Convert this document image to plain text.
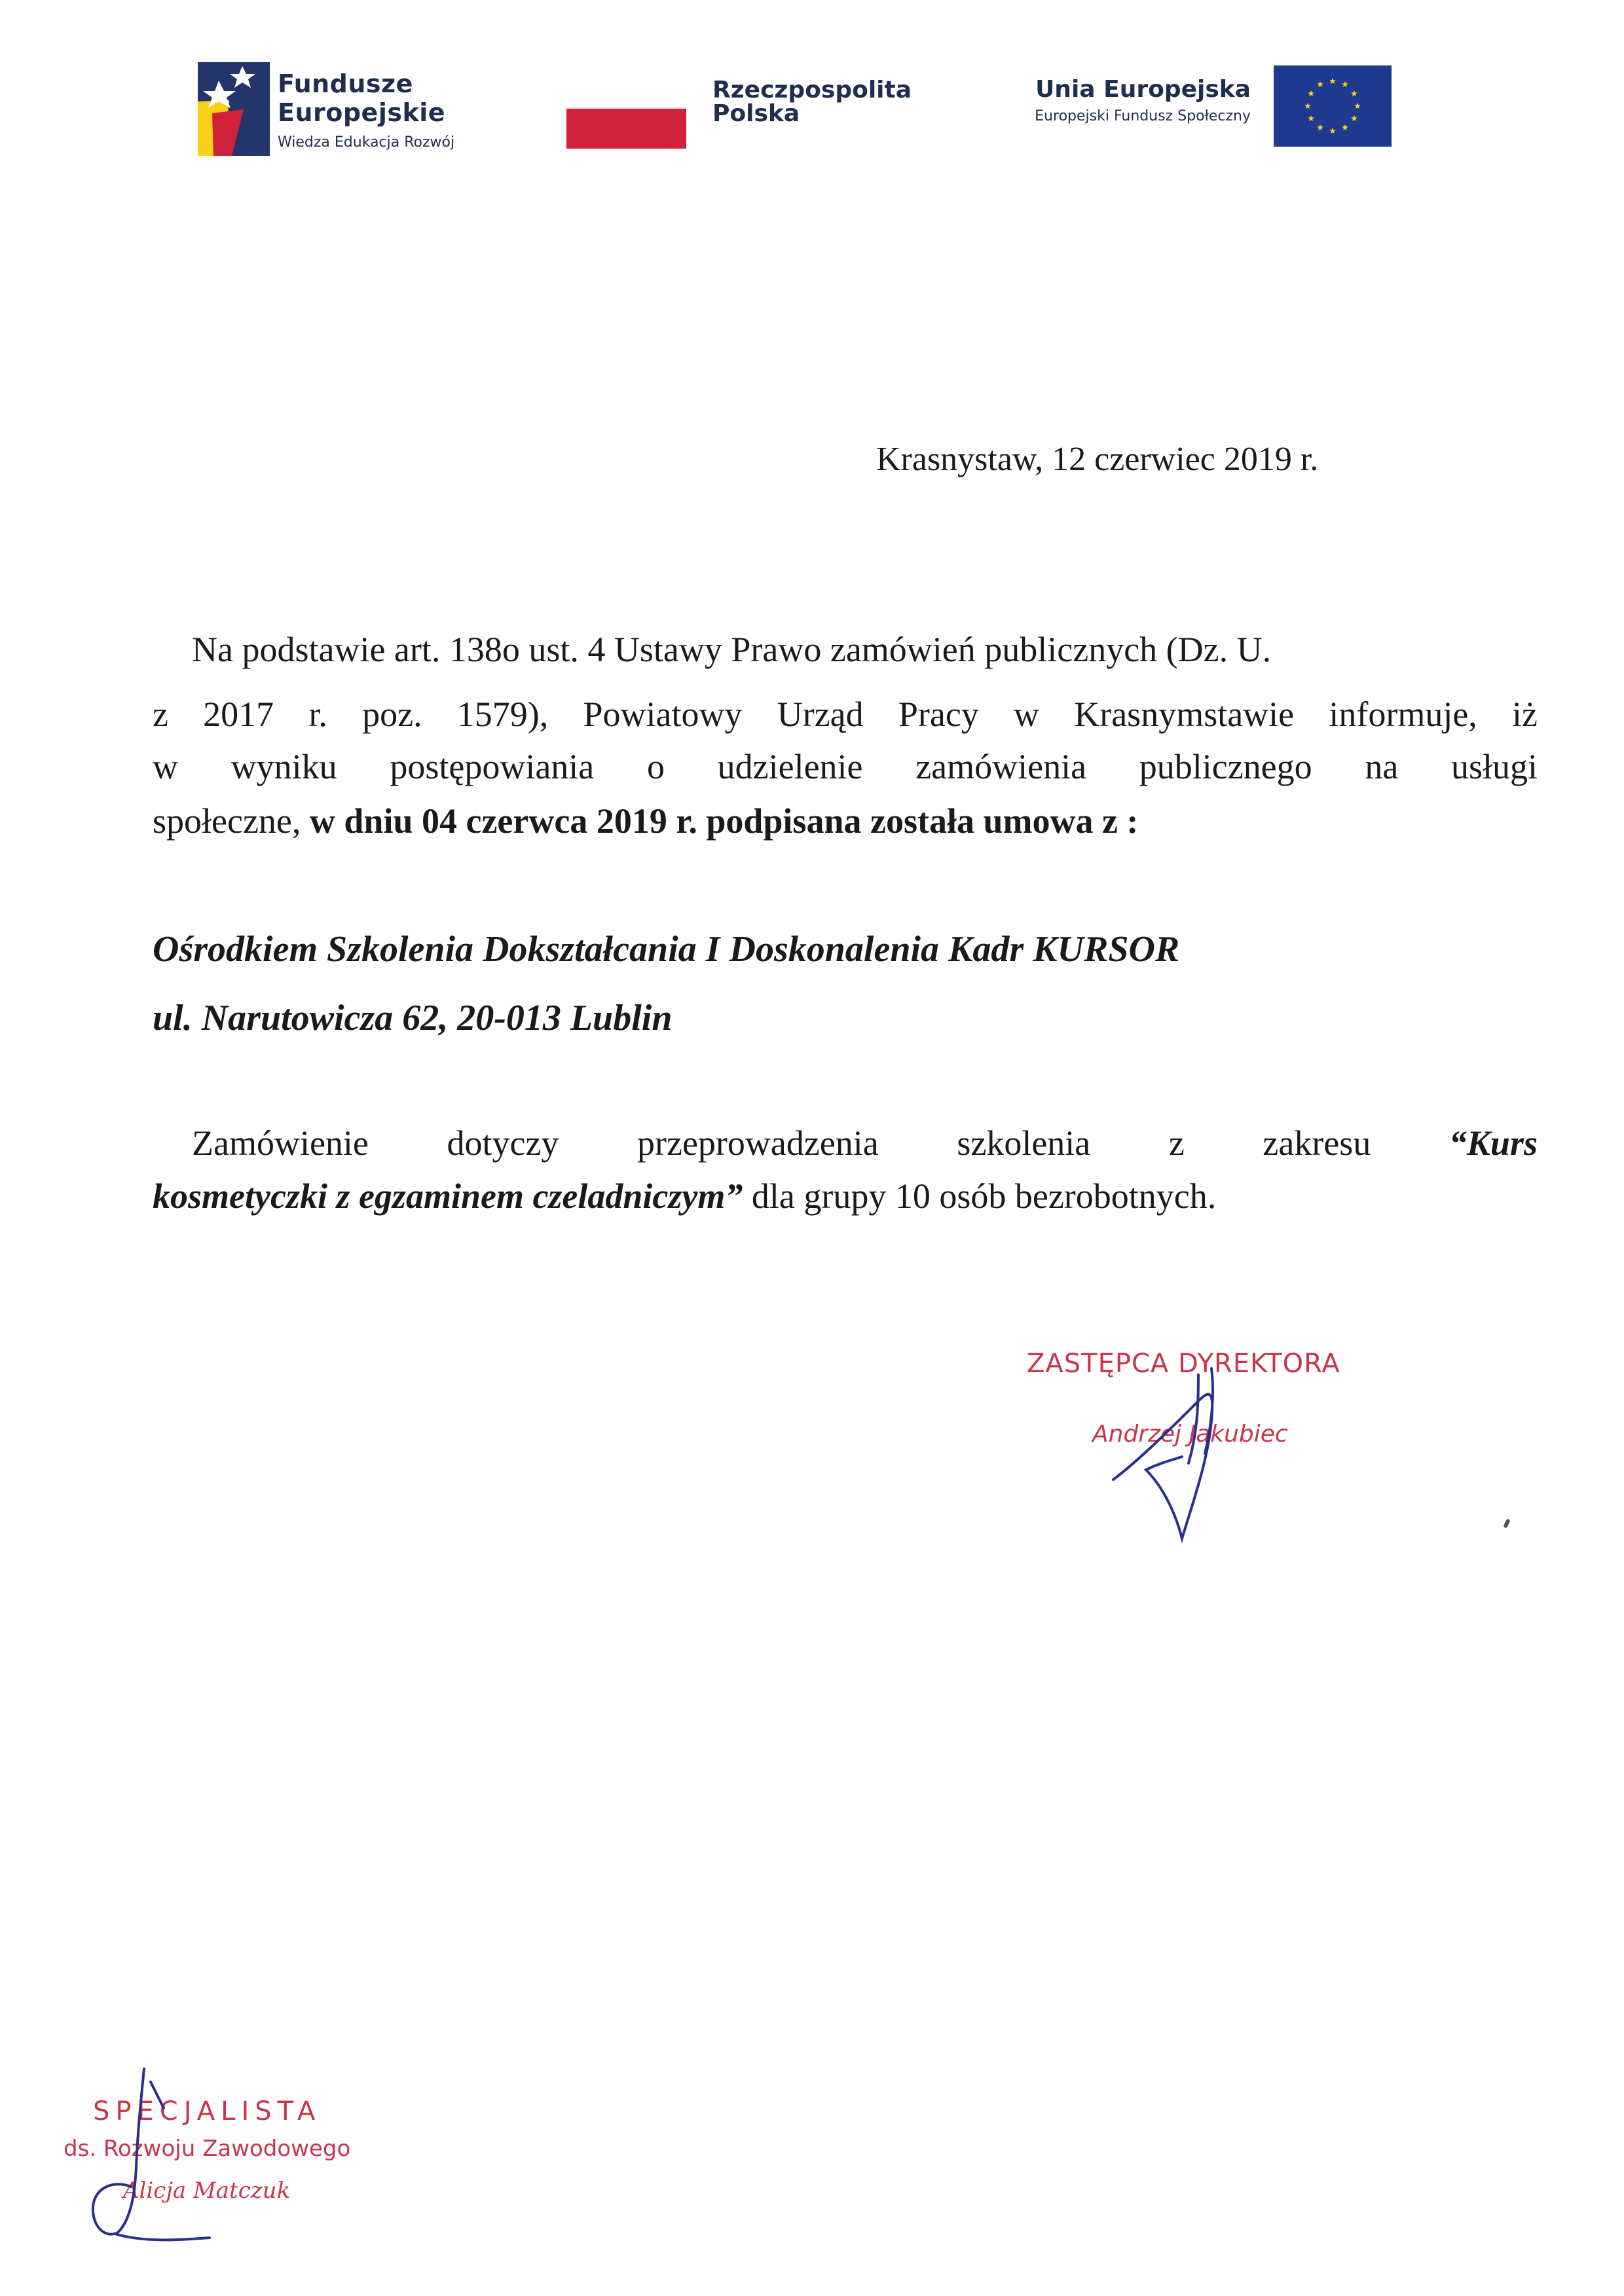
Fundusze
Europejskie
Wiedza Edukacja Rozwój
Rzeczpospolita
Polska
Unia Europejska
Europejski Fundusz Społeczny
Krasnystaw, 12 czerwiec 2019 r.
Na podstawie art. 138o ust. 4 Ustawy Prawo zamówień publicznych (Dz. U.
z 2017 r. poz. 1579), Powiatowy Urząd Pracy w Krasnymstawie informuje, iż
w wyniku postępowiania o udzielenie zamówienia publicznego na usługi
społeczne, w dniu 04 czerwca 2019 r. podpisana została umowa z :
Ośrodkiem Szkolenia Dokształcania I Doskonalenia Kadr KURSOR
ul. Narutowicza 62, 20-013 Lublin
Zamówienie dotyczy przeprowadzenia szkolenia z zakresu “Kurs
kosmetyczki z egzaminem czeladniczym” dla grupy 10 osób bezrobotnych.
ZASTĘPCA DYREKTORA
Andrzej Jakubiec
SPECJALISTA
ds. Rozwoju Zawodowego
Alicja Matczuk
